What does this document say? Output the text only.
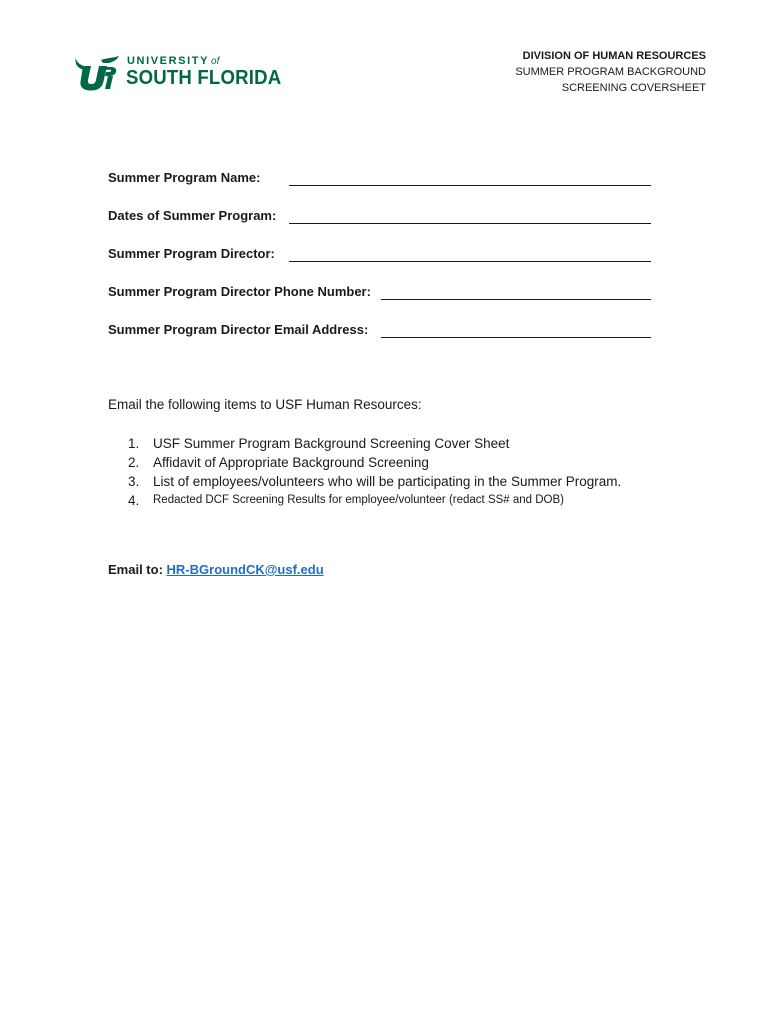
UNIVERSITY of
SOUTH FLORIDA
DIVISION OF HUMAN RESOURCES
SUMMER PROGRAM BACKGROUND
SCREENING COVERSHEET
Summer Program Name:
Dates of Summer Program:
Summer Program Director:
Summer Program Director Phone Number:
Summer Program Director Email Address:
Email the following items to USF Human Resources:
1.	USF Summer Program Background Screening Cover Sheet
2.	Affidavit of Appropriate Background Screening
3.	List of employees/volunteers who will be participating in the Summer Program.
4.	Redacted DCF Screening Results for employee/volunteer (redact SS# and DOB)
Email to: HR-BGroundCK@usf.edu
